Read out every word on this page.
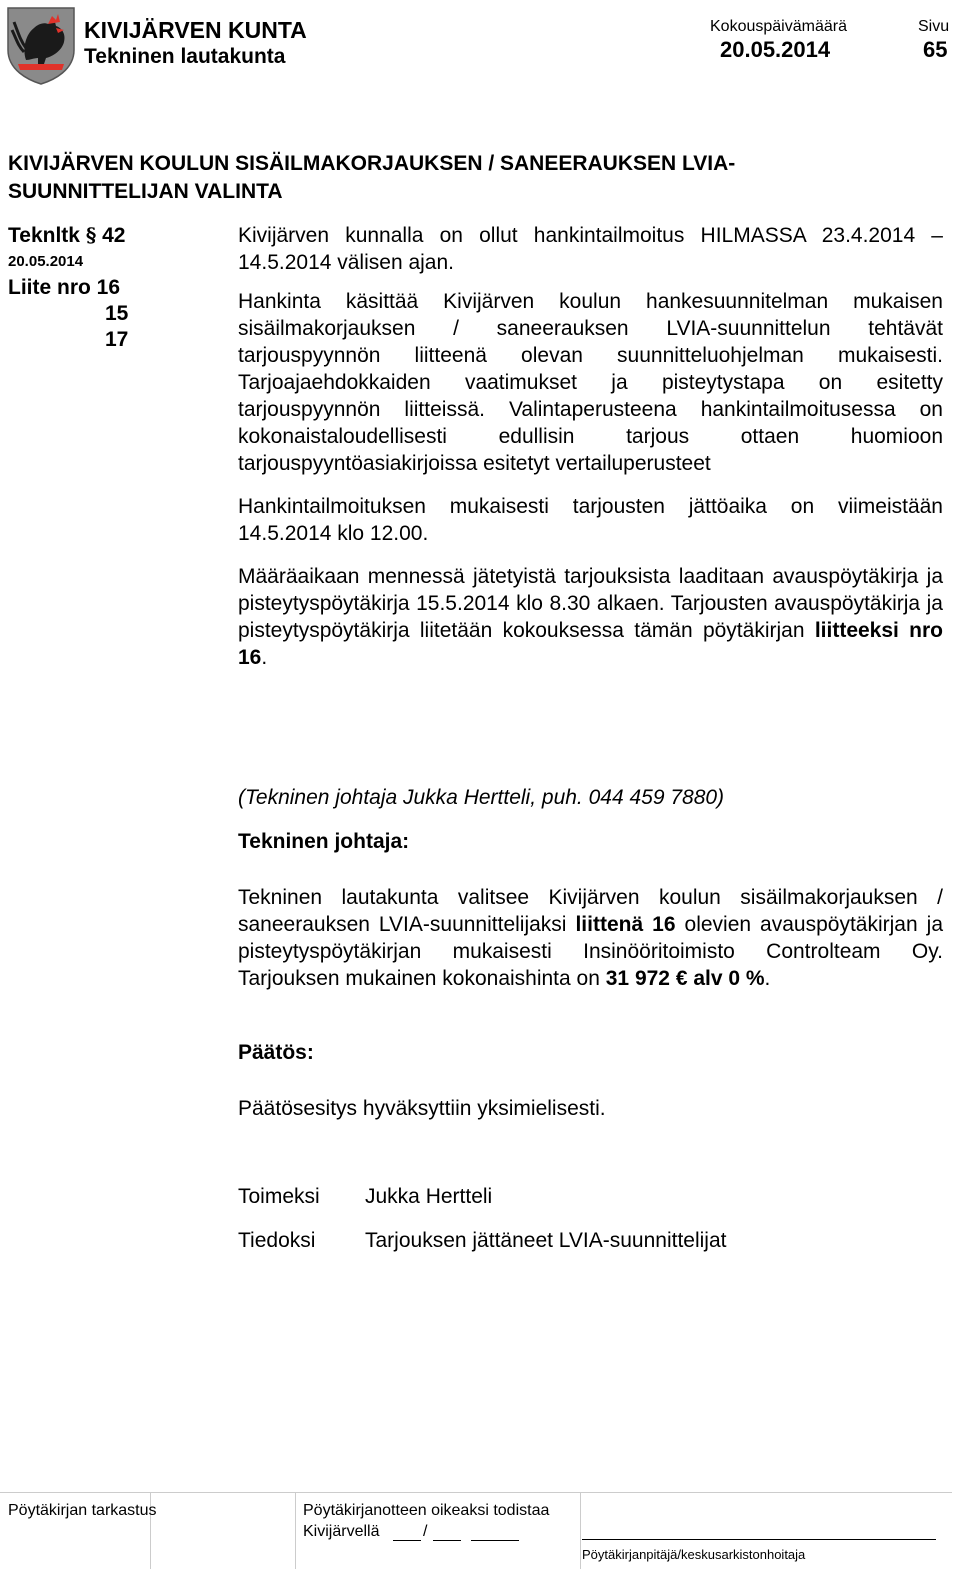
KIVIJÄRVEN KUNTA
Tekninen lautakunta
Kokouspäivämäärä
20.05.2014
Sivu
65
KIVIJÄRVEN KOULUN SISÄILMAKORJAUKSEN / SANEERAUKSEN LVIA-SUUNNITTELIJAN VALINTA
Teknltk § 42
20.05.2014
Liite nro 16
15
17

Kivijärven kunnalla on ollut hankintailmoitus HILMASSA 23.4.2014 – 14.5.2014 välisen ajan.

Hankinta käsittää Kivijärven koulun hankesuunnitelman mukaisen sisäilmakorjauksen / saneerauksen LVIA-suunnittelun tehtävät tarjouspyynnön liitteenä olevan suunnitteluohjelman mukaisesti. Tarjoajaehdokkaiden vaatimukset ja pisteytystapa on esitetty tarjouspyynnön liitteissä. Valintaperusteena hankintailmoitusessa on kokonaistaloudellisesti edullisin tarjous ottaen huomioon tarjouspyyntöasiakirjoissa esitetyt vertailuperusteet

Hankintailmoituksen mukaisesti tarjousten jättöaika on viimeistään 14.5.2014 klo 12.00.

Määräaikaan mennessä jätetyistä tarjouksista laaditaan avauspöytäkirja ja pisteytyspöytäkirja 15.5.2014 klo 8.30 alkaen. Tarjousten avauspöytäkirja ja pisteytyspöytäkirja liitetään kokouksessa tämän pöytäkirjan liitteeksi nro 16.

(Tekninen johtaja Jukka Hertteli, puh. 044 459 7880)
Tekninen johtaja:
Tekninen lautakunta valitsee Kivijärven koulun sisäilmakorjauksen / saneerauksen LVIA-suunnittelijaksi liittenä 16 olevien avauspöytäkirjan ja pisteytyspöytäkirjan mukaisesti Insinööritoimisto Controlteam Oy. Tarjouksen mukainen kokonaishinta on 31 972 € alv 0 %.
Päätös:
Päätösesitys hyväksyttiin yksimielisesti.
Toimeksi Jukka Hertteli
Tiedoksi Tarjouksen jättäneet LVIA-suunnittelijat
Pöytäkirjan tarkastus	Pöytäkirjanotteen oikeaksi todistaa
Kivijärvellä	/
Pöytäkirjanpitäjä/keskusarkistonhoitaja
